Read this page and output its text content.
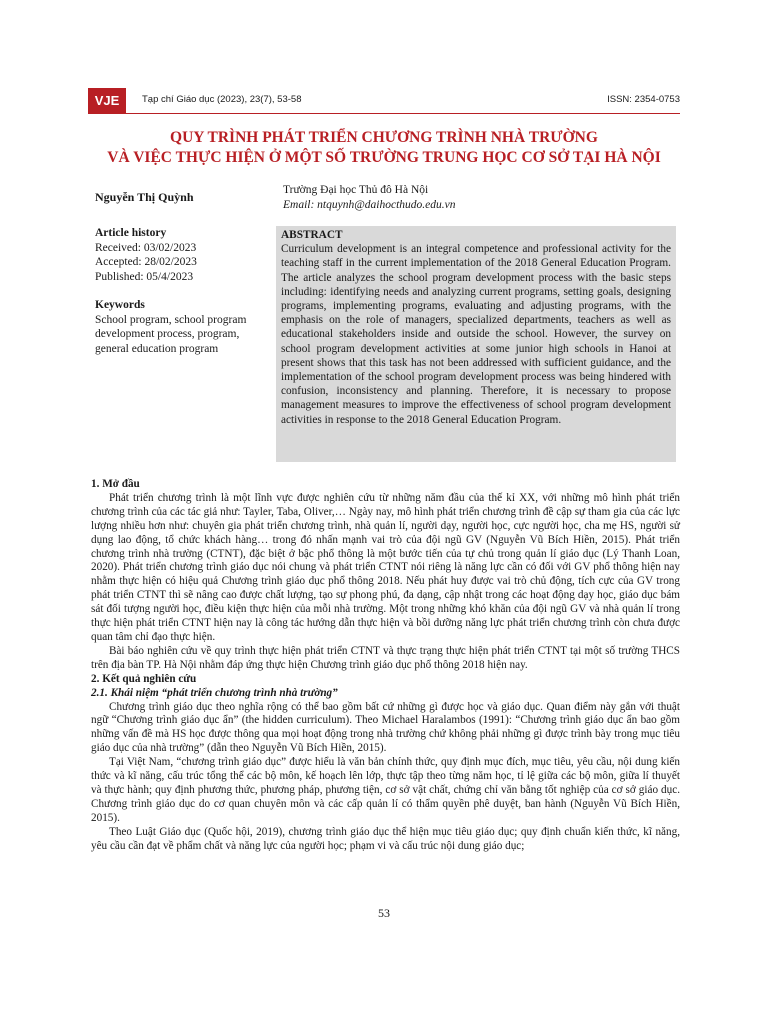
VJE	Tạp chí Giáo dục (2023), 23(7), 53-58	ISSN: 2354-0753
QUY TRÌNH PHÁT TRIỂN CHƯƠNG TRÌNH NHÀ TRƯỜNG
VÀ VIỆC THỰC HIỆN Ở MỘT SỐ TRƯỜNG TRUNG HỌC CƠ SỞ TẠI HÀ NỘI
Nguyễn Thị Quỳnh	Trường Đại học Thủ đô Hà Nội
Email: ntquynh@daihocthudo.edu.vn
Article history
Received: 03/02/2023
Accepted: 28/02/2023
Published: 05/4/2023
Keywords
School program, school program development process, program, general education program
ABSTRACT
Curriculum development is an integral competence and professional activity for the teaching staff in the current implementation of the 2018 General Education Program. The article analyzes the school program development process with the basic steps including: identifying needs and analyzing current programs, setting goals, designing programs, implementing programs, evaluating and adjusting programs, with the emphasis on the role of managers, specialized departments, teachers as well as educational stakeholders inside and outside the school. However, the survey on school program development activities at some junior high schools in Hanoi at present shows that this task has not been addressed with sufficient guidance, and the implementation of the school program development process was being hindered with confusion, inconsistency and planning. Therefore, it is necessary to propose management measures to improve the effectiveness of school program development activities in response to the 2018 General Education Program.

1. Mở đầu

Phát triển chương trình là một lĩnh vực được nghiên cứu từ những năm đầu của thế kỉ XX, với những mô hình phát triển chương trình của các tác giả như: Tayler, Taba, Oliver,… Ngày nay, mô hình phát triển chương trình đề cập sự tham gia của các lực lượng nhiều hơn như: chuyên gia phát triển chương trình, nhà quản lí, người dạy, người học, cực người học, cha mẹ HS, người sử dụng lao động, tổ chức khách hàng… trong đó nhấn mạnh vai trò của đội ngũ GV (Nguyễn Vũ Bích Hiền, 2015). Phát triển chương trình nhà trường (CTNT), đặc biệt ở bậc phổ thông là một bước tiến của tự chủ trong quản lí giáo dục (Lý Thanh Loan, 2020). Phát triển chương trình giáo dục nói chung và phát triển CTNT nói riêng là năng lực cần có đối với GV phổ thông hiện nay nhằm thực hiện có hiệu quả Chương trình giáo dục phổ thông 2018. Nếu phát huy được vai trò chủ động, tích cực của GV trong phát triển CTNT thì sẽ nâng cao được chất lượng, tạo sự phong phú, đa dạng, cập nhật trong các hoạt động dạy học, giáo dục bám sát đối tượng người học, điều kiện thực hiện của mỗi nhà trường. Một trong những khó khăn của đội ngũ GV và nhà quản lí trong thực hiện phát triển CTNT hiện nay là công tác hướng dẫn thực hiện và bồi dưỡng năng lực phát triển chương trình còn chưa được quan tâm chỉ đạo thực hiện.

Bài báo nghiên cứu về quy trình thực hiện phát triển CTNT và thực trạng thực hiện phát triển CTNT tại một số trường THCS trên địa bàn TP. Hà Nội nhằm đáp ứng thực hiện Chương trình giáo dục phổ thông 2018 hiện nay.

2. Kết quả nghiên cứu

2.1. Khái niệm “phát triển chương trình nhà trường”

Chương trình giáo dục theo nghĩa rộng có thể bao gồm bất cứ những gì được học và giáo dục. Quan điểm này gắn với thuật ngữ “Chương trình giáo dục ẩn” (the hidden curriculum). Theo Michael Haralambos (1991): “Chương trình giáo dục ẩn bao gồm những vấn đề mà HS học được thông qua mọi hoạt động trong nhà trường chứ không phải những gì được trình bày trong mục tiêu giáo dục của nhà trường” (dẫn theo Nguyễn Vũ Bích Hiền, 2015).

Tại Việt Nam, “chương trình giáo dục” được hiểu là văn bản chính thức, quy định mục đích, mục tiêu, yêu cầu, nội dung kiến thức và kĩ năng, cấu trúc tổng thể các bộ môn, kế hoạch lên lớp, thực tập theo từng năm học, tỉ lệ giữa các bộ môn, giữa lí thuyết và thực hành; quy định phương thức, phương pháp, phương tiện, cơ sở vật chất, chứng chỉ văn bằng tốt nghiệp của cơ sở giáo dục. Chương trình giáo dục do cơ quan chuyên môn và các cấp quản lí có thẩm quyền phê duyệt, ban hành (Nguyễn Vũ Bích Hiền, 2015).

Theo Luật Giáo dục (Quốc hội, 2019), chương trình giáo dục thể hiện mục tiêu giáo dục; quy định chuẩn kiến thức, kĩ năng, yêu cầu cần đạt về phẩm chất và năng lực của người học; phạm vi và cấu trúc nội dung giáo dục;

53
